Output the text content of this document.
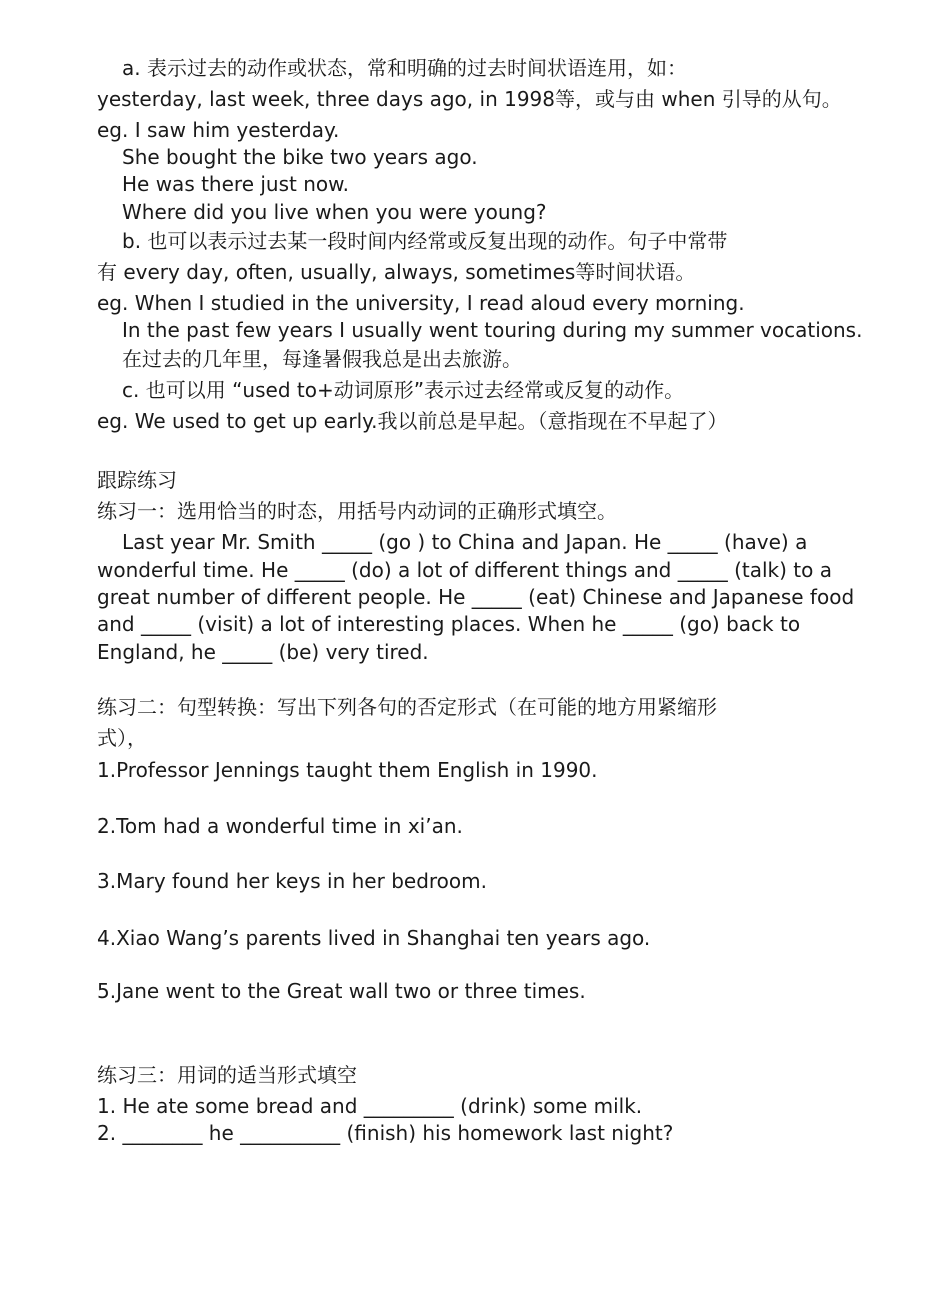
a. 表示过去的动作或状态，常和明确的过去时间状语连用，如：
yesterday, last week, three days ago, in 1998等，或与由 when 引导的从句。
eg. I saw him yesterday.
She bought the bike two years ago.
He was there just now.
Where did you live when you were young?
b. 也可以表示过去某一段时间内经常或反复出现的动作。句子中常带
有 every day, often, usually, always, sometimes等时间状语。
eg. When I studied in the university, I read aloud every morning.
In the past few years I usually went touring during my summer vocations.
在过去的几年里，每逢暑假我总是出去旅游。
c. 也可以用 “used to+动词原形”表示过去经常或反复的动作。
eg. We used to get up early.我以前总是早起。（意指现在不早起了）
跟踪练习
练习一：选用恰当的时态，用括号内动词的正确形式填空。
Last year Mr. Smith _____ (go ) to China and Japan. He _____ (have) a
wonderful time. He _____ (do) a lot of different things and _____ (talk) to a
great number of different people. He _____ (eat) Chinese and Japanese food
and _____ (visit) a lot of interesting places. When he _____ (go) back to
England, he _____ (be) very tired.
练习二：句型转换：写出下列各句的否定形式（在可能的地方用紧缩形
式），
1.Professor Jennings taught them English in 1990.
2.Tom had a wonderful time in xi’an.
3.Mary found her keys in her bedroom.
4.Xiao Wang’s parents lived in Shanghai ten years ago.
5.Jane went to the Great wall two or three times.
练习三：用词的适当形式填空
1. He ate some bread and _________ (drink) some milk.
2. ________ he __________ (finish) his homework last night?
